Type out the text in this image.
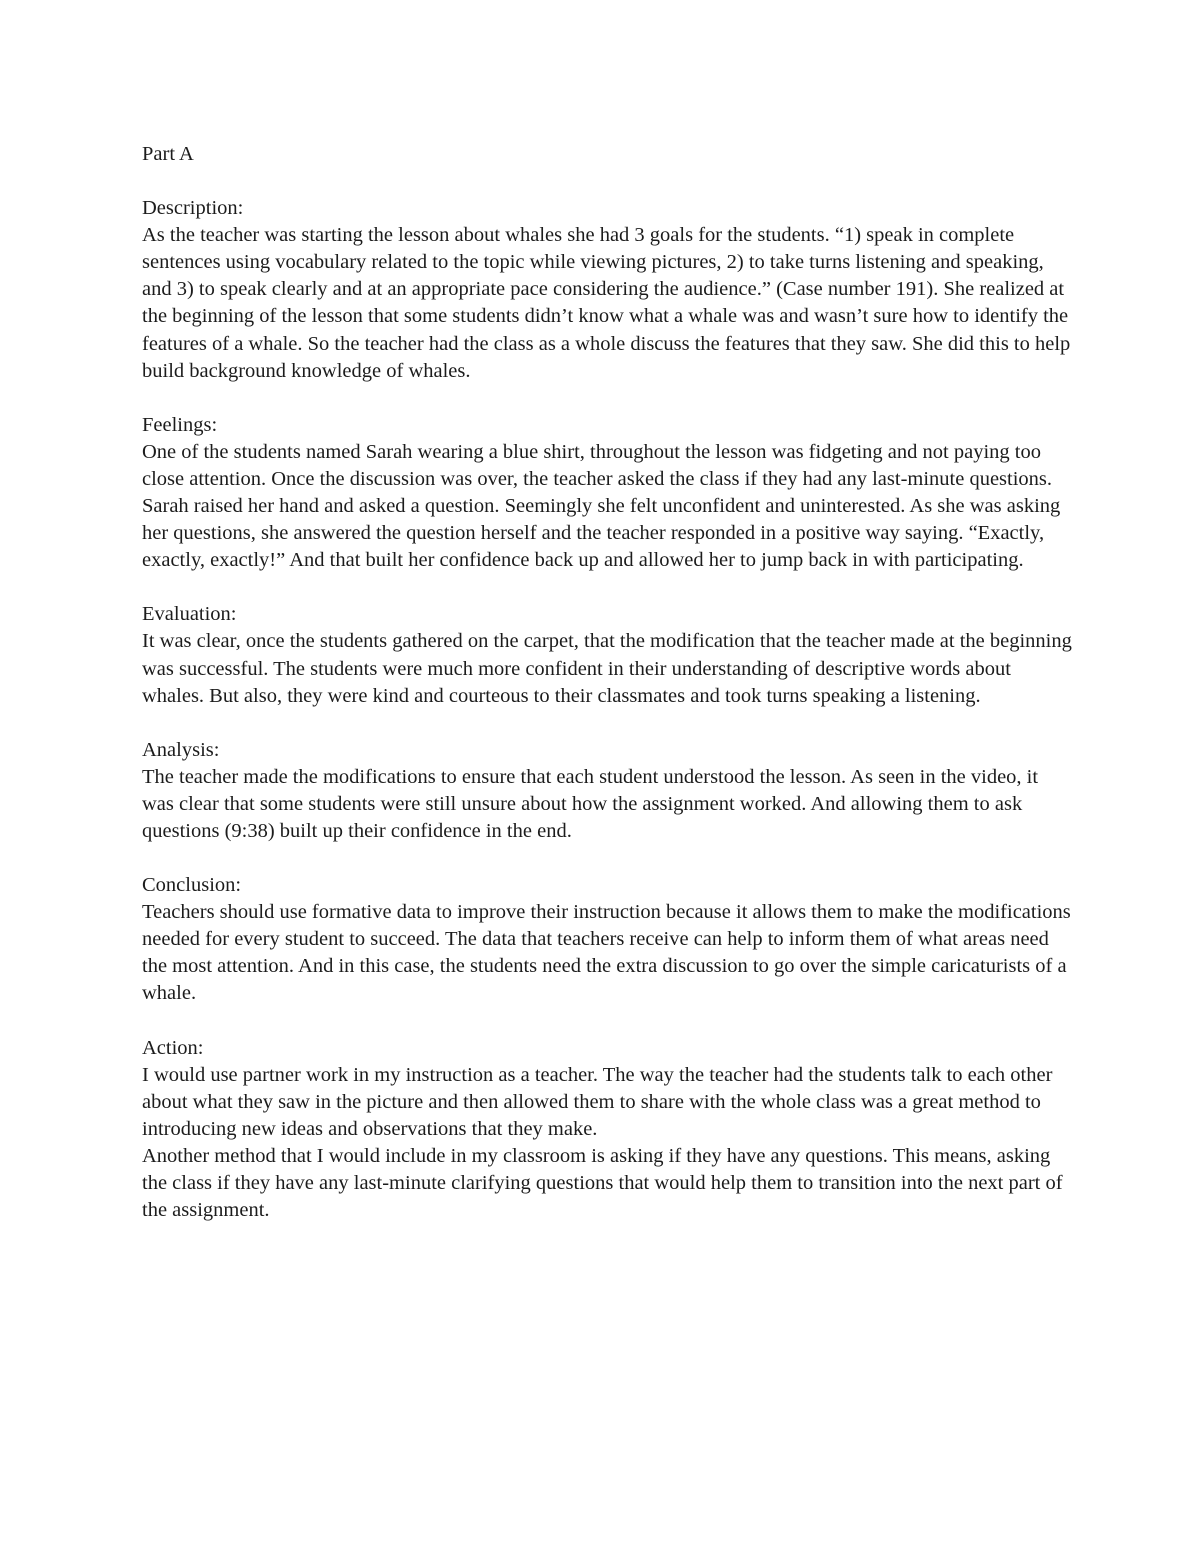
Part A
Description:

As the teacher was starting the lesson about whales she had 3 goals for the students. “1) speak in complete sentences using vocabulary related to the topic while viewing pictures, 2) to take turns listening and speaking, and 3) to speak clearly and at an appropriate pace considering the audience.” (Case number 191). She realized at the beginning of the lesson that some students didn’t know what a whale was and wasn’t sure how to identify the features of a whale. So the teacher had the class as a whole discuss the features that they saw. She did this to help build background knowledge of whales.

Feelings:

One of the students named Sarah wearing a blue shirt, throughout the lesson was fidgeting and not paying too close attention. Once the discussion was over, the teacher asked the class if they had any last-minute questions. Sarah raised her hand and asked a question. Seemingly she felt unconfident and uninterested. As she was asking her questions, she answered the question herself and the teacher responded in a positive way saying. “Exactly, exactly, exactly!” And that built her confidence back up and allowed her to jump back in with participating.

Evaluation:

It was clear, once the students gathered on the carpet, that the modification that the teacher made at the beginning was successful. The students were much more confident in their understanding of descriptive words about whales. But also, they were kind and courteous to their classmates and took turns speaking a listening.

Analysis:

The teacher made the modifications to ensure that each student understood the lesson. As seen in the video, it was clear that some students were still unsure about how the assignment worked. And allowing them to ask questions (9:38) built up their confidence in the end.

Conclusion:

Teachers should use formative data to improve their instruction because it allows them to make the modifications needed for every student to succeed. The data that teachers receive can help to inform them of what areas need the most attention. And in this case, the students need the extra discussion to go over the simple caricaturists of a whale.

Action:

I would use partner work in my instruction as a teacher. The way the teacher had the students talk to each other about what they saw in the picture and then allowed them to share with the whole class was a great method to introducing new ideas and observations that they make.

Another method that I would include in my classroom is asking if they have any questions. This means, asking the class if they have any last-minute clarifying questions that would help them to transition into the next part of the assignment.
